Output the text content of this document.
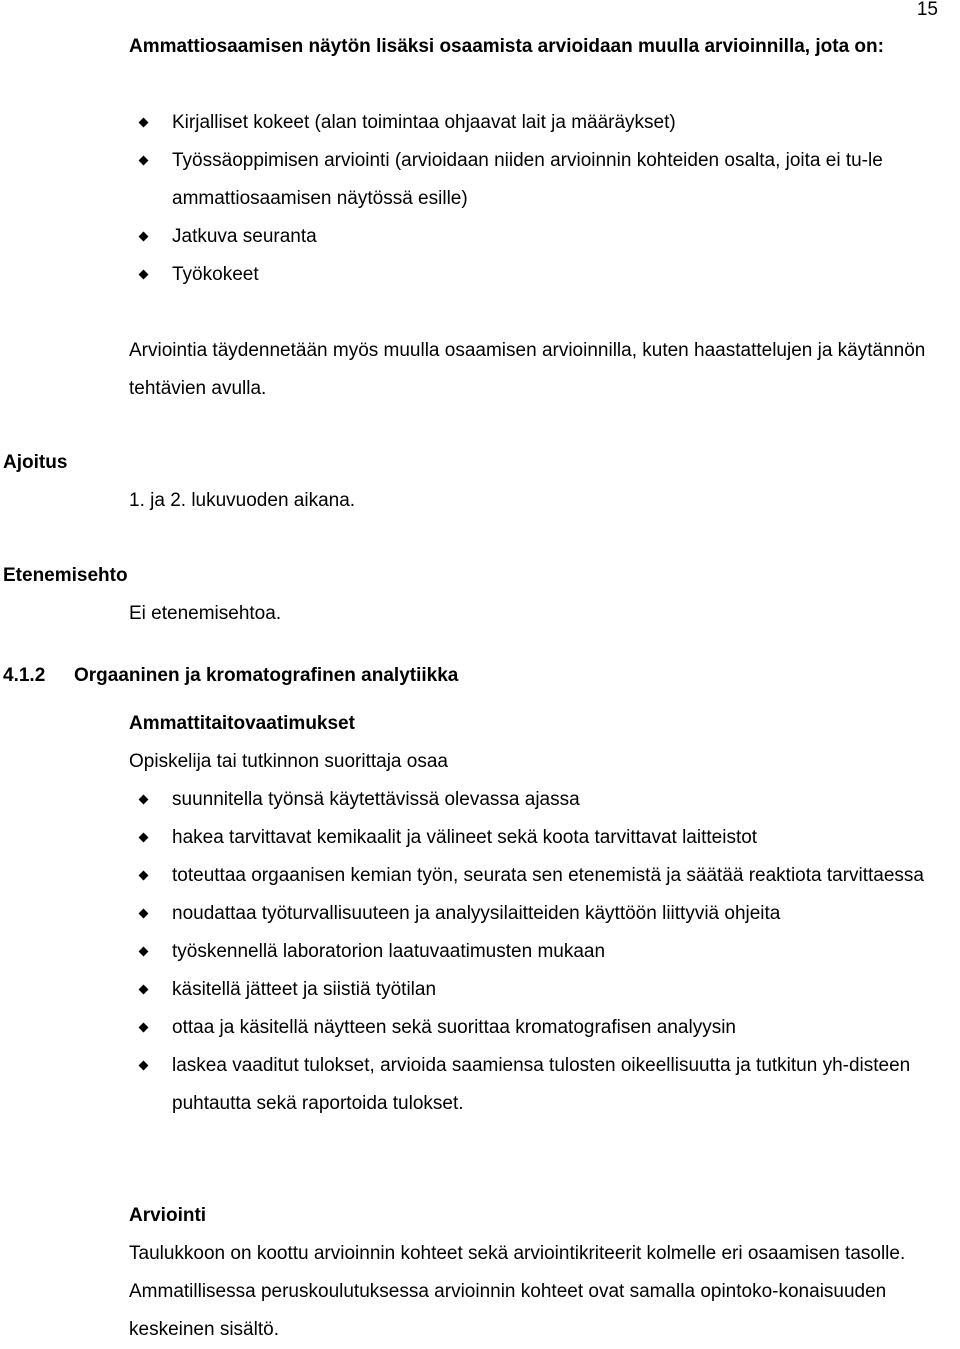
15

Ammattiosaamisen näytön lisäksi osaamista arvioidaan muulla arvioinnilla, jota on:

Kirjalliset kokeet (alan toimintaa ohjaavat lait ja määräykset)
Työssäoppimisen arviointi (arvioidaan niiden arvioinnin kohteiden osalta, joita ei tu-le ammattiosaamisen näytössä esille)
Jatkuva seuranta
Työkokeet

Arviointia täydennetään myös muulla osaamisen arvioinnilla, kuten haastattelujen ja käytännön tehtävien avulla.

Ajoitus
1. ja 2. lukuvuoden aikana.
Etenemisehto
Ei etenemisehtoa.
4.1.2 Orgaaninen ja kromatografinen analytiikka
Ammattitaitovaatimukset
Opiskelija tai tutkinnon suorittaja osaa
suunnitella työnsä käytettävissä olevassa ajassa
hakea tarvittavat kemikaalit ja välineet sekä koota tarvittavat laitteistot
toteuttaa orgaanisen kemian työn, seurata sen etenemistä ja säätää reaktiota tarvittaessa
noudattaa työturvallisuuteen ja analyysilaitteiden käyttöön liittyviä ohjeita
työskennellä laboratorion laatuvaatimusten mukaan
käsitellä jätteet ja siistiä työtilan
ottaa ja käsitellä näytteen sekä suorittaa kromatografisen analyysin
laskea vaaditut tulokset, arvioida saamiensa tulosten oikeellisuutta ja tutkitun yh-disteen puhtautta sekä raportoida tulokset.
Arviointi

Taulukkoon on koottu arvioinnin kohteet sekä arviointikriteerit kolmelle eri osaamisen tasolle. Ammatillisessa peruskoulutuksessa arvioinnin kohteet ovat samalla opintoko-konaisuuden keskeinen sisältö.
